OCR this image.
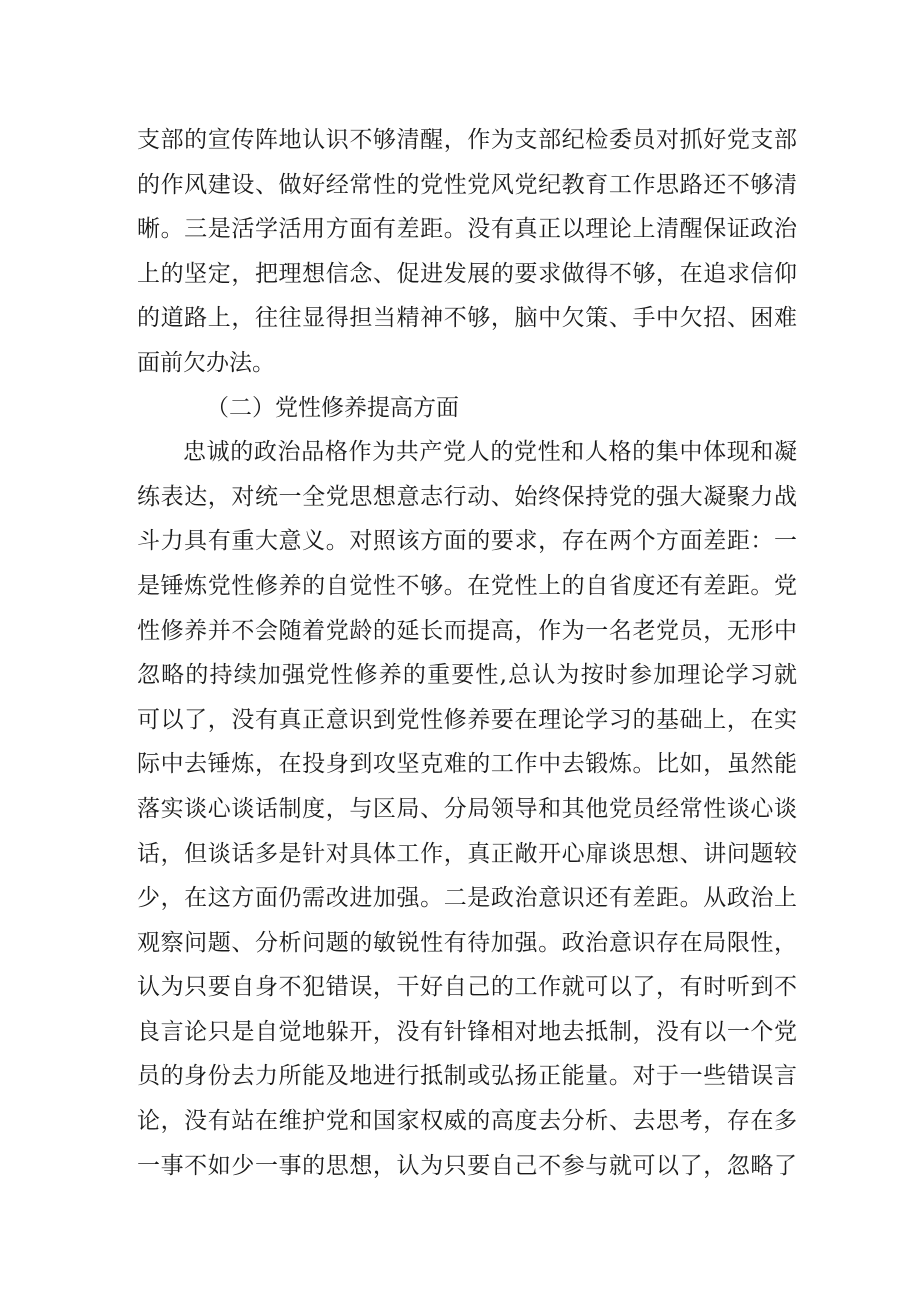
支部的宣传阵地认识不够清醒，作为支部纪检委员对抓好党支部
的作风建设、做好经常性的党性党风党纪教育工作思路还不够清
晰。三是活学活用方面有差距。没有真正以理论上清醒保证政治
上的坚定，把理想信念、促进发展的要求做得不够，在追求信仰
的道路上，往往显得担当精神不够，脑中欠策、手中欠招、困难
面前欠办法。
（二）党性修养提高方面
忠诚的政治品格作为共产党人的党性和人格的集中体现和凝
练表达，对统一全党思想意志行动、始终保持党的强大凝聚力战
斗力具有重大意义。对照该方面的要求，存在两个方面差距：一
是锤炼党性修养的自觉性不够。在党性上的自省度还有差距。党
性修养并不会随着党龄的延长而提高，作为一名老党员，无形中
忽略的持续加强党性修养的重要性,总认为按时参加理论学习就
可以了，没有真正意识到党性修养要在理论学习的基础上，在实
际中去锤炼，在投身到攻坚克难的工作中去锻炼。比如，虽然能
落实谈心谈话制度，与区局、分局领导和其他党员经常性谈心谈
话，但谈话多是针对具体工作，真正敞开心扉谈思想、讲问题较
少，在这方面仍需改进加强。二是政治意识还有差距。从政治上
观察问题、分析问题的敏锐性有待加强。政治意识存在局限性，
认为只要自身不犯错误，干好自己的工作就可以了，有时听到不
良言论只是自觉地躲开，没有针锋相对地去抵制，没有以一个党
员的身份去力所能及地进行抵制或弘扬正能量。对于一些错误言
论，没有站在维护党和国家权威的高度去分析、去思考，存在多
一事不如少一事的思想，认为只要自己不参与就可以了，忽略了
